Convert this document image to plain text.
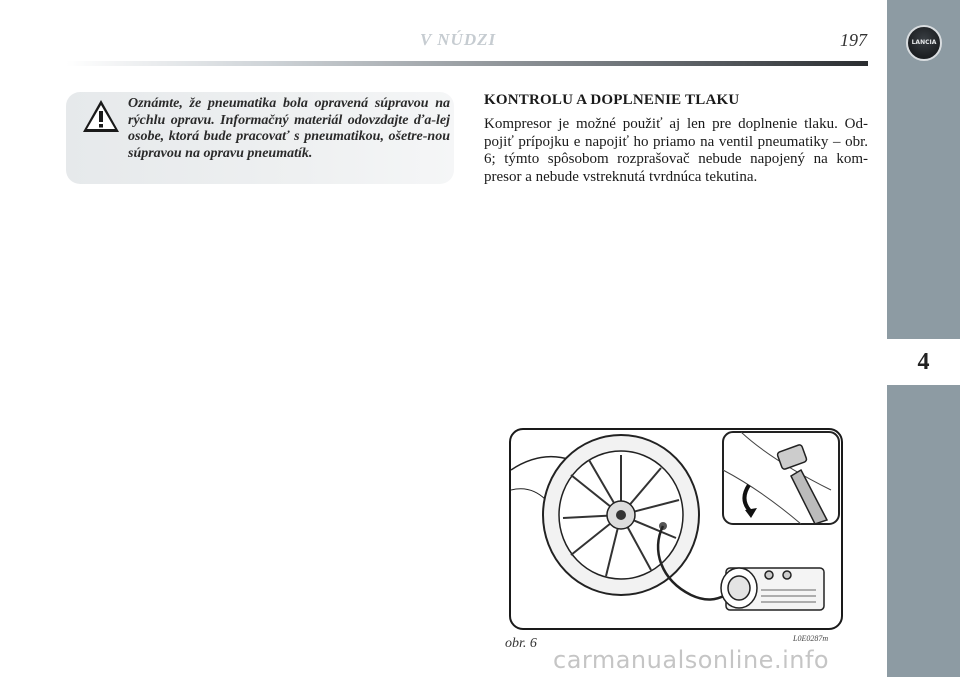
V NÚDZI	197	LANCIA
4
Oznámte, že pneumatika bola opravená súpravou na rýchlu opravu. Informačný materiál odovzdajte ďa-lej osobe, ktorá bude pracovať s pneumatikou, ošetre-nou súpravou na opravu pneumatík.
KONTROLU A DOPLNENIE TLAKU
Kompresor je možné použiť aj len pre doplnenie tlaku. Od-pojiť prípojku e napojiť ho priamo na ventil pneumatiky – obr. 6; týmto spôsobom rozprašovač nebude napojený na kom-presor a nebude vstreknutá tvrdnúca tekutina.
obr. 6	L0E0287m
carmanualsonline.info
